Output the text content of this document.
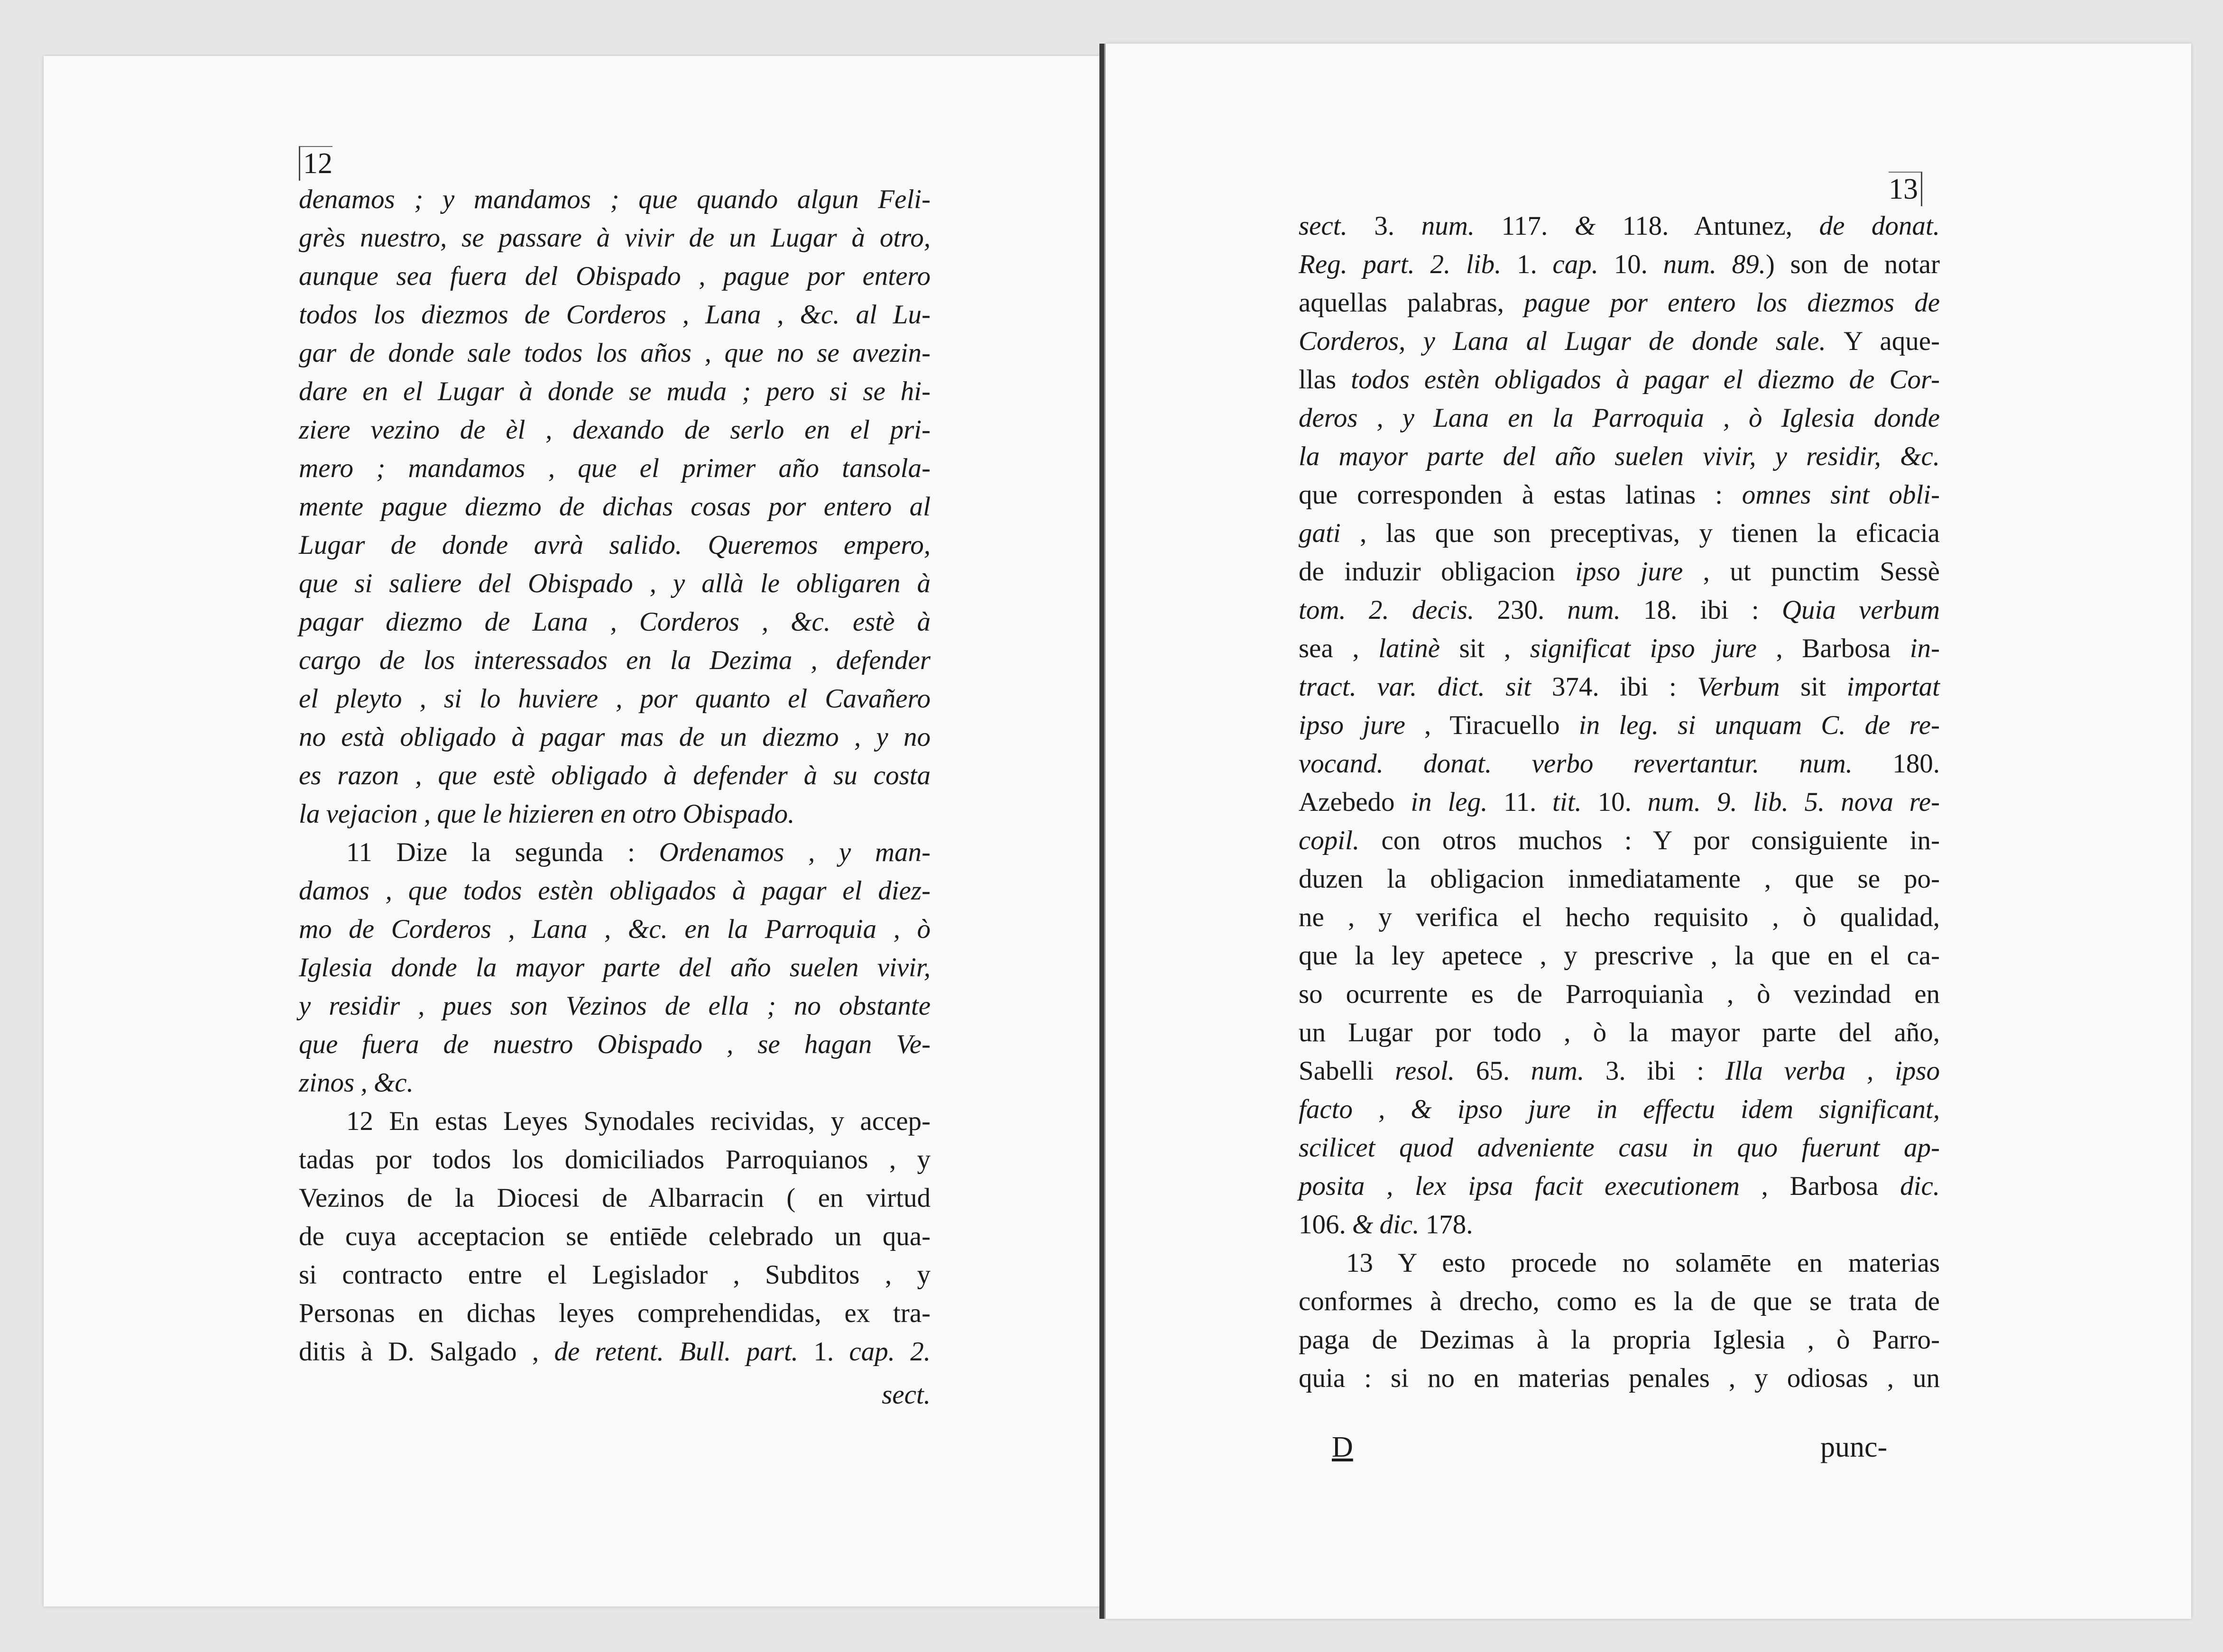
12
denamos ; y mandamos ; que quando algun Feli-
grès nuestro, se passare à vivir de un Lugar à otro,
aunque sea fuera del Obispado , pague por entero
todos los diezmos de Corderos , Lana , &c. al Lu-
gar de donde sale todos los años , que no se avezin-
dare en el Lugar à donde se muda ; pero si se hi-
ziere vezino de èl , dexando de serlo en el pri-
mero ; mandamos , que el primer año tansola-
mente pague diezmo de dichas cosas por entero al
Lugar de donde avrà salido. Queremos empero,
que si saliere del Obispado , y allà le obligaren à
pagar diezmo de Lana , Corderos , &c. estè à
cargo de los interessados en la Dezima , defender
el pleyto , si lo huviere , por quanto el Cavañero
no està obligado à pagar mas de un diezmo , y no
es razon , que estè obligado à defender à su costa
la vejacion , que le hizieren en otro Obispado.
11 Dize la segunda : Ordenamos , y man-
damos , que todos estèn obligados à pagar el diez-
mo de Corderos , Lana , &c. en la Parroquia , ò
Iglesia donde la mayor parte del año suelen vivir,
y residir , pues son Vezinos de ella ; no obstante
que fuera de nuestro Obispado , se hagan Ve-
zinos , &c.
12 En estas Leyes Synodales recividas, y accep-
tadas por todos los domiciliados Parroquianos , y
Vezinos de la Diocesi de Albarracin ( en virtud
de cuya acceptacion se entiēde celebrado un qua-
si contracto entre el Legislador , Subditos , y
Personas en dichas leyes comprehendidas, ex tra-
ditis à D. Salgado , de retent. Bull. part. 1. cap. 2.
sect.
13
sect. 3. num. 117. & 118. Antunez, de donat.
Reg. part. 2. lib. 1. cap. 10. num. 89.) son de notar
aquellas palabras, pague por entero los diezmos de
Corderos, y Lana al Lugar de donde sale. Y aque-
llas todos estèn obligados à pagar el diezmo de Cor-
deros , y Lana en la Parroquia , ò Iglesia donde
la mayor parte del año suelen vivir, y residir, &c.
que corresponden à estas latinas : omnes sint obli-
gati , las que son preceptivas, y tienen la eficacia
de induzir obligacion ipso jure , ut punctim Sessè
tom. 2. decis. 230. num. 18. ibi : Quia verbum
sea , latinè sit , significat ipso jure , Barbosa in-
tract. var. dict. sit 374. ibi : Verbum sit importat
ipso jure , Tiracuello in leg. si unquam C. de re-
vocand. donat. verbo revertantur. num. 180.
Azebedo in leg. 11. tit. 10. num. 9. lib. 5. nova re-
copil. con otros muchos : Y por consiguiente in-
duzen la obligacion inmediatamente , que se po-
ne , y verifica el hecho requisito , ò qualidad,
que la ley apetece , y prescrive , la que en el ca-
so ocurrente es de Parroquianìa , ò vezindad en
un Lugar por todo , ò la mayor parte del año,
Sabelli resol. 65. num. 3. ibi : Illa verba , ipso
facto , & ipso jure in effectu idem significant,
scilicet quod adveniente casu in quo fuerunt ap-
posita , lex ipsa facit executionem , Barbosa dic.
106. & dic. 178.
13 Y esto procede no solamēte en materias
conformes à drecho, como es la de que se trata de
paga de Dezimas à la propria Iglesia , ò Parro-
quia : si no en materias penales , y odiosas , un
D	punc-
